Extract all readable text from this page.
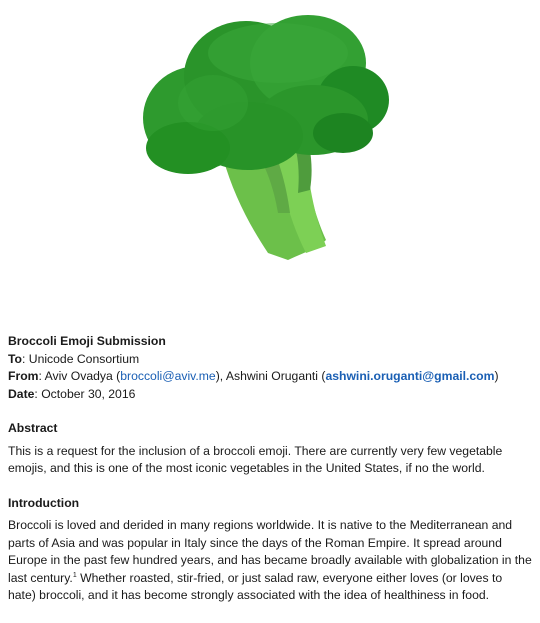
Broccoli Emoji Submission

To: Unicode Consortium

From: Aviv Ovadya (broccoli@aviv.me), Ashwini Oruganti (ashwini.oruganti@gmail.com)

Date: October 30, 2016

Abstract

This is a request for the inclusion of a broccoli emoji. There are currently very few vegetable emojis, and this is one of the most iconic vegetables in the United States, if no the world.

Introduction

Broccoli is loved and derided in many regions worldwide. It is native to the Mediterranean and parts of Asia and was popular in Italy since the days of the Roman Empire. It spread around Europe in the past few hundred years, and has became broadly available with globalization in the last century.$^1$ Whether roasted, stir-fried, or just salad raw, everyone either loves (or loves to hate) broccoli, and it has become strongly associated with the idea of healthiness in food.
